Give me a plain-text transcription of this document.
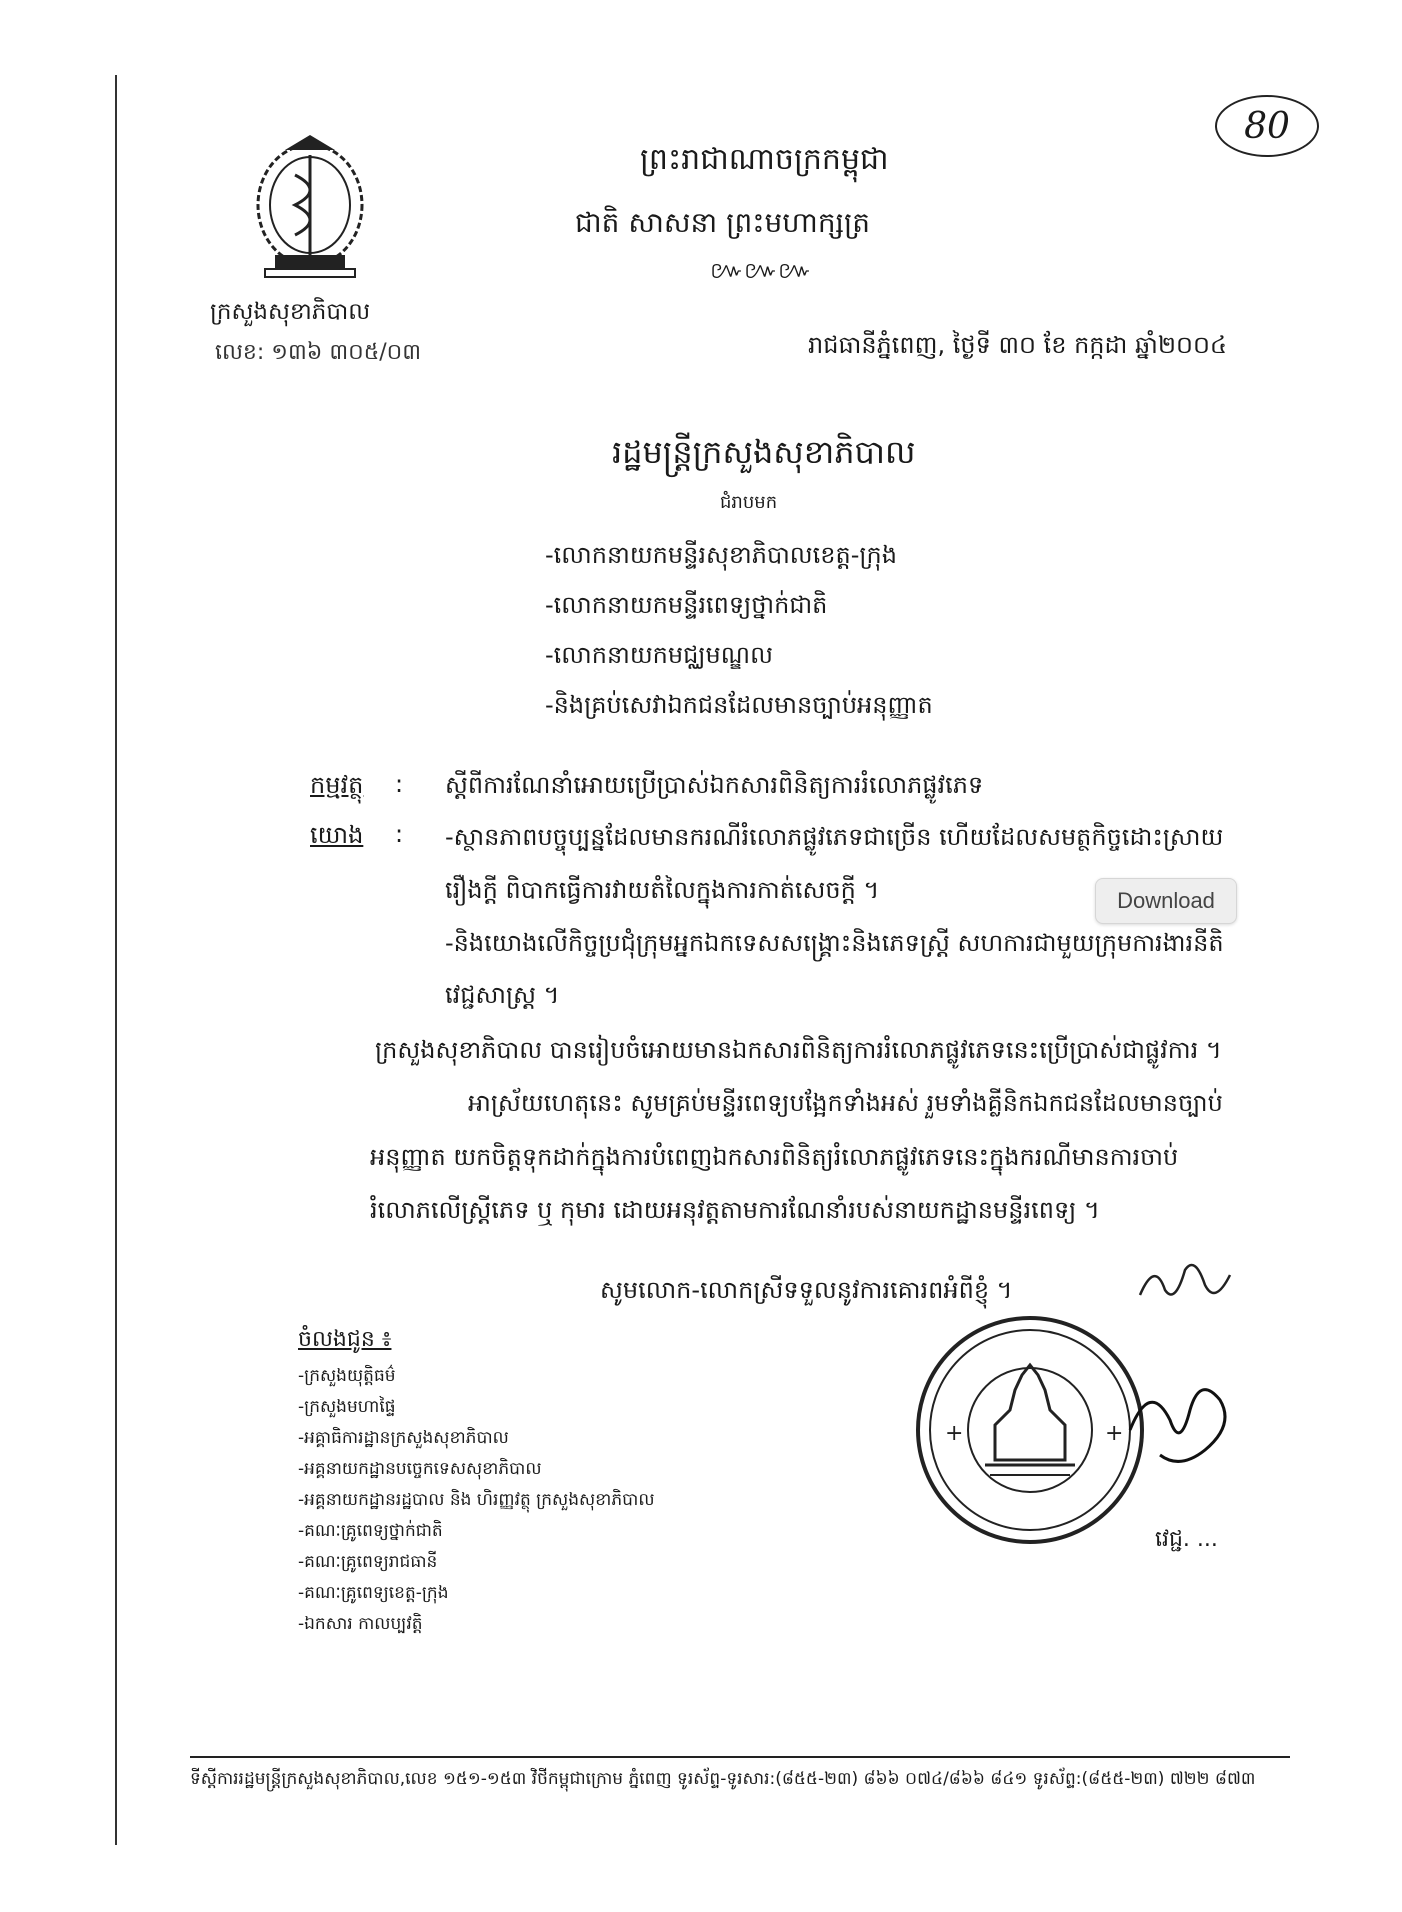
ព្រះរាជាណាចក្រកម្ពុជា
ជាតិ សាសនា ព្រះមហាក្សត្រ
៚៚៚
80
ក្រសួងសុខាភិបាល
លេខ: ១៣៦ ៣០៥/០៣	រាជធានីភ្នំពេញ, ថ្ងៃទី ៣០ ខែ កក្កដា ឆ្នាំ២០០៤
រដ្ឋមន្ត្រីក្រសួងសុខាភិបាល
ជំរាបមក
-លោកនាយកមន្ទីរសុខាភិបាលខេត្ត-ក្រុង
-លោកនាយកមន្ទីរពេទ្យថ្នាក់ជាតិ
-លោកនាយកមជ្ឈមណ្ឌល
-និងគ្រប់សេវាឯកជនដែលមានច្បាប់អនុញ្ញាត
កម្មវត្ថុ :
យោង :
ស្តីពីការណែនាំអោយប្រើប្រាស់ឯកសារពិនិត្យការរំលោភផ្លូវភេទ
-ស្ថានភាពបច្ចុប្បន្នដែលមានករណីរំលោភផ្លូវភេទជាច្រើន ហើយដែលសមត្ថកិច្ចដោះស្រាយ
រឿងក្តី ពិបាកធ្វើការវាយតំលៃក្នុងការកាត់សេចក្តី ។
-និងយោងលើកិច្ចប្រជុំក្រុមអ្នកឯកទេសសង្គ្រោះនិងភេទស្ត្រី សហការជាមួយក្រុមការងារនីតិ
វេជ្ជសាស្ត្រ ។
ក្រសួងសុខាភិបាល បានរៀបចំអោយមានឯកសារពិនិត្យការរំលោភផ្លូវភេទនេះប្រើប្រាស់ជាផ្លូវការ ។
អាស្រ័យហេតុនេះ សូមគ្រប់មន្ទីរពេទ្យបង្អែកទាំងអស់ រួមទាំងគ្លីនិកឯកជនដែលមានច្បាប់
អនុញ្ញាត យកចិត្តទុកដាក់ក្នុងការបំពេញឯកសារពិនិត្យរំលោភផ្លូវភេទនេះក្នុងករណីមានការចាប់
រំលោភលើស្ត្រីភេទ ឬ កុមារ ដោយអនុវត្តតាមការណែនាំរបស់នាយកដ្ឋានមន្ទីរពេទ្យ ។
សូមលោក-លោកស្រីទទួលនូវការគោរពអំពីខ្ញុំ ។
ចំលងជូន ៖
-ក្រសួងយុត្តិធម៌
-ក្រសួងមហាផ្ទៃ
-អគ្គាធិការដ្ឋានក្រសួងសុខាភិបាល
-អគ្គនាយកដ្ឋានបច្ចេកទេសសុខាភិបាល
-អគ្គនាយកដ្ឋានរដ្ឋបាល និង ហិរញ្ញវត្ថុ ក្រសួងសុខាភិបាល
-គណៈគ្រូពេទ្យថ្នាក់ជាតិ
-គណៈគ្រូពេទ្យរាជធានី
-គណៈគ្រូពេទ្យខេត្ត-ក្រុង
-ឯកសារ កាលប្បវត្តិ
+	+
វេជ្ជ. ...
ទីស្តីការរដ្ឋមន្ត្រីក្រសួងសុខាភិបាល,លេខ ១៥១-១៥៣ វិថីកម្ពុជាក្រោម ភ្នំពេញ ទូរស័ព្ទ-ទូរសារ:(៨៥៥-២៣) ៨៦៦ ០៧៤/៨៦៦ ៨៤១ ទូរស័ព្ទ:(៨៥៥-២៣) ៧២២ ៨៧៣
Download
